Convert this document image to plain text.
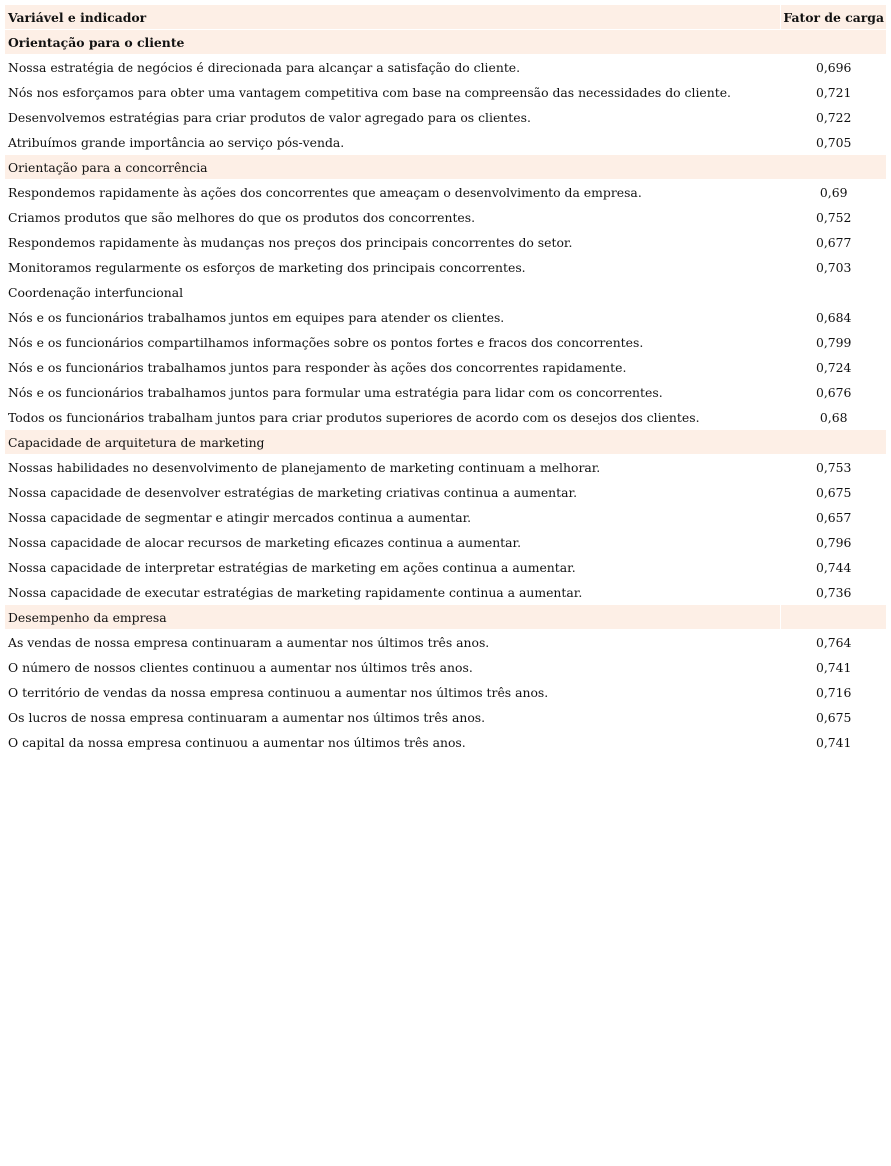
Variável e indicador	Fator de carga
Orientação para o cliente	
Nossa estratégia de negócios é direcionada para alcançar a satisfação do cliente.	0,696
Nós nos esforçamos para obter uma vantagem competitiva com base na compreensão das necessidades do cliente.	0,721
Desenvolvemos estratégias para criar produtos de valor agregado para os clientes.	0,722
Atribuímos grande importância ao serviço pós-venda.	0,705
Orientação para a concorrência	
Respondemos rapidamente às ações dos concorrentes que ameaçam o desenvolvimento da empresa.	0,69
Criamos produtos que são melhores do que os produtos dos concorrentes.	0,752
Respondemos rapidamente às mudanças nos preços dos principais concorrentes do setor.	0,677
Monitoramos regularmente os esforços de marketing dos principais concorrentes.	0,703
Coordenação interfuncional	
Nós e os funcionários trabalhamos juntos em equipes para atender os clientes.	0,684
Nós e os funcionários compartilhamos informações sobre os pontos fortes e fracos dos concorrentes.	0,799
Nós e os funcionários trabalhamos juntos para responder às ações dos concorrentes rapidamente.	0,724
Nós e os funcionários trabalhamos juntos para formular uma estratégia para lidar com os concorrentes.	0,676
Todos os funcionários trabalham juntos para criar produtos superiores de acordo com os desejos dos clientes.	0,68
Capacidade de arquitetura de marketing	
Nossas habilidades no desenvolvimento de planejamento de marketing continuam a melhorar.	0,753
Nossa capacidade de desenvolver estratégias de marketing criativas continua a aumentar.	0,675
Nossa capacidade de segmentar e atingir mercados continua a aumentar.	0,657
Nossa capacidade de alocar recursos de marketing eficazes continua a aumentar.	0,796
Nossa capacidade de interpretar estratégias de marketing em ações continua a aumentar.	0,744
Nossa capacidade de executar estratégias de marketing rapidamente continua a aumentar.	0,736
Desempenho da empresa	
As vendas de nossa empresa continuaram a aumentar nos últimos três anos.	0,764
O número de nossos clientes continuou a aumentar nos últimos três anos.	0,741
O território de vendas da nossa empresa continuou a aumentar nos últimos três anos.	0,716
Os lucros de nossa empresa continuaram a aumentar nos últimos três anos.	0,675
O capital da nossa empresa continuou a aumentar nos últimos três anos.	0,741
